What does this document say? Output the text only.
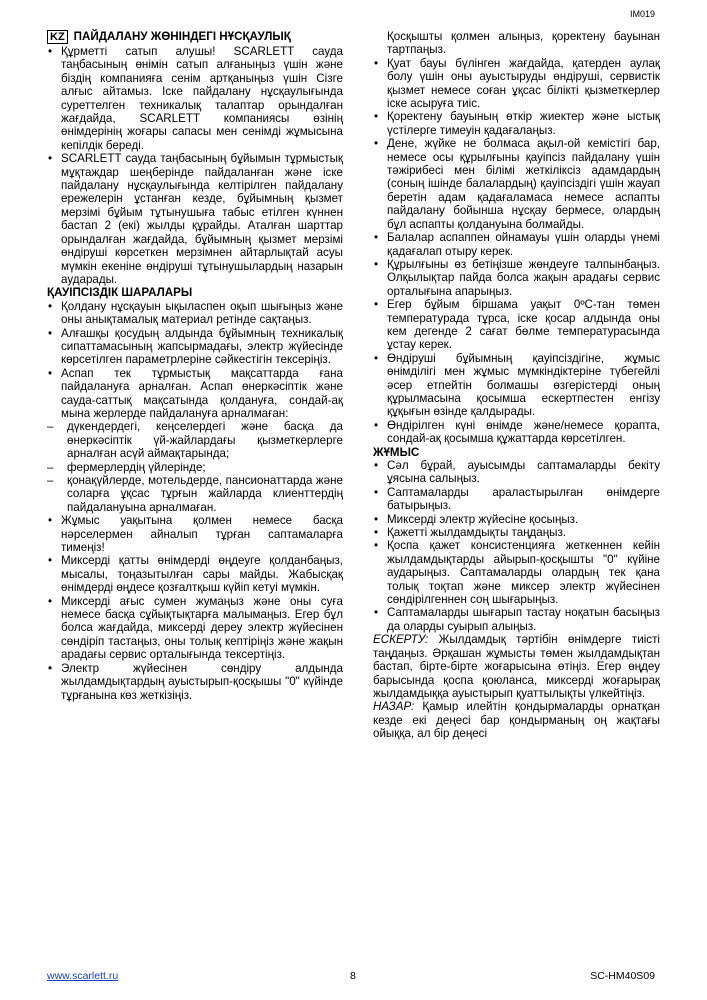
IM019
KZ ПАЙДАЛАНУ ЖӨНІНДЕГІ НҰСҚАУЛЫҚ
• Құрметті сатып алушы! SCARLETT сауда таңбасының өнімін сатып алғаныңыз үшін және біздің компанияға сенім артқаныңыз үшін Сізге алғыс айтамыз. Іске пайдалану нұсқаулығында суреттелген техникалық талаптар орындалған жағдайда, SCARLETT компаниясы өзінің өнімдерінің жоғары сапасы мен сенімді жұмысына кепілдік береді.
• SCARLETT сауда таңбасының бұйымын тұрмыстық мұқтаждар шеңберінде пайдаланған және іске пайдалану нұсқаулығында келтірілген пайдалану ережелерін ұстанған кезде, бұйымның қызмет мерзімі бұйым тұтынушыға табыс етілген күннен бастап 2 (екі) жылды құрайды. Аталған шарттар орындалған жағдайда, бұйымның қызмет мерзімі өндіруші көрсеткен мерзімнен айтарлықтай асуы мүмкін екеніне өндіруші тұтынушылардың назарын аударады.
ҚАУІПСІЗДІК ШАРАЛАРЫ
• Қолдану нұсқауын ықыласпен оқып шығыңыз және оны анықтамалық материал ретінде сақтаңыз.
• Алғашқы қосудың алдында бұйымның техникалық сипаттамасының жапсырмадағы, электр жүйесінде көрсетілген параметрлеріне сәйкестігін тексеріңіз.
• Аспап тек тұрмыстық мақсаттарда ғана пайдалануға арналған. Аспап өнеркәсіптік және сауда-саттық мақсатында қолдануға, сондай-ақ мына жерлерде пайдалануға арналмаған:
– дүкендердегі, кеңселердегі және басқа да өнеркәсіптік үй-жайлардағы қызметкерлерге арналған асүй аймақтарында;
– фермерлердің үйлерінде;
– қонақүйлерде, мотельдерде, пансионаттарда және соларға ұқсас тұрғын жайларда клиенттердің пайдалануына арналмаған.
• Жұмыс уақытына қолмен немесе басқа нәрселермен айналып тұрған саптамаларға тимеңіз!
• Миксерді қатты өнімдерді өңдеуге қолданбаңыз, мысалы, тоңазытылған сары майды. Жабысқақ өнімдерді өңдесе қозғалтқыш күйіп кетуі мүмкін.
• Миксерді ағыс сумен жумаңыз және оны суға немесе басқа сұйықтықтарға малымаңыз. Егер бұл болса жағдайда, миксерді дереу электр жүйесінен сөндіріп тастаңыз, оны толық кептіріңіз және жақын арадағы сервис орталығында тексертіңіз.
• Электр жүйесінен сөндіру алдында жылдамдықтардың ауыстырып-қосқышы "0" күйінде тұрғанына көз жеткізіңіз.
Қосқышты қолмен алыңыз, қоректену бауынан тартпаңыз.
• Қуат бауы бүлінген жағдайда, қатерден аулақ болу үшін оны ауыстыруды өндіруші, сервистік қызмет немесе соған ұқсас білікті қызметкерлер іске асыруға тиіс.
• Қоректену бауының өткір жиектер және ыстық үстілерге тимеуін қадағалаңыз.
• Дене, жүйке не болмаса ақыл-ой кемістігі бар, немесе осы құрылғыны қауіпсіз пайдалану үшін тәжірибесі мен білімі жеткіліксіз адамдардың (соның ішінде балалардың) қауіпсіздігі үшін жауап беретін адам қадағаламаса немесе аспапты пайдалану бойынша нұсқау бермесе, олардың бұл аспапты қолдануына болмайды.
• Балалар аспаппен ойнамауы үшін оларды үнемі қадағалап отыру керек.
• Құрылғыны өз бетіңізше жөндеуге талпынбаңыз. Олқылықтар пайда болса жақын арадағы сервис орталығына апарыңыз.
• Егер бұйым біршама уақыт 0ºС-тан төмен температурада тұрса, іске қосар алдында оны кем дегенде 2 сағат бөлме температурасында ұстау керек.
• Өндіруші бұйымның қауіпсіздігіне, жұмыс өнімділігі мен жұмыс мүмкіндіктеріне түбегейлі әсер етпейтін болмашы өзгерістерді оның құрылмасына қосымша ескертпестен енгізу құқығын өзінде қалдырады.
• Өндірілген күні өнімде және/немесе қорапта, сондай-ақ қосымша құжаттарда көрсетілген.
ЖҰМЫС
• Сәл бұрай, ауысымды саптамаларды бекіту ұясына салыңыз.
• Саптамаларды араластырылған өнімдерге батырыңыз.
• Миксерді электр жүйесіне қосыңыз.
• Қажетті жылдамдықты таңдаңыз.
• Қоспа қажет консистенцияға жеткеннен кейін жылдамдықтарды айырып-қосқышты "0" күйіне аударыңыз. Саптамаларды олардың тек қана толық тоқтап және миксер электр жүйесінен сөндірілгеннен соң шығарыңыз.
• Саптамаларды шығарып тастау ноқатын басыңыз да оларды суырып алыңыз.

ЕСКЕРТУ: Жылдамдық тәртібін өнімдерге тиісті таңдаңыз. Әрқашан жұмысты төмен жылдамдықтан бастап, бірте-бірте жоғарысына өтіңіз. Егер өңдеу барысында қоспа қоюланса, миксерді жоғарырақ жылдамдыққа ауыстырып қуаттылықты үлкейтіңіз.

НАЗАР: Қамыр илейтін қондырмаларды орнатқан кезде екі деңесі бар қондырманың оң жақтағы ойыққа, ал бір деңесі

www.scarlett.ru	8	SC-HM40S09
